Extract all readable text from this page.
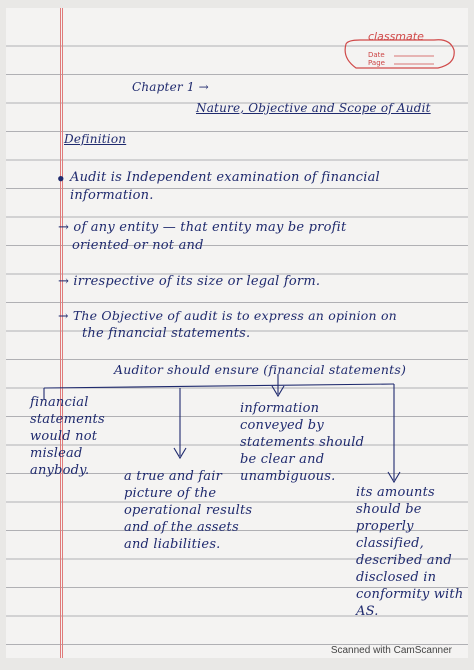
classmate
Date
Page
Chapter 1 →
Nature, Objective and Scope of Audit
Definition
• Audit is Independent examination of financial
information.
→ of any entity — that entity may be profit
oriented or not and
→ irrespective of its size or legal form.
→ The Objective of audit is to express an opinion on
the financial statements.
Auditor should ensure (financial statements)
financial
statements
would not
mislead
anybody.
information
conveyed by
statements should
be clear and
unambiguous.
a true and fair
picture of the
operational results
and of the assets
and liabilities.
its amounts
should be
properly
classified,
described and
disclosed in
conformity with
AS.
Scanned with CamScanner
